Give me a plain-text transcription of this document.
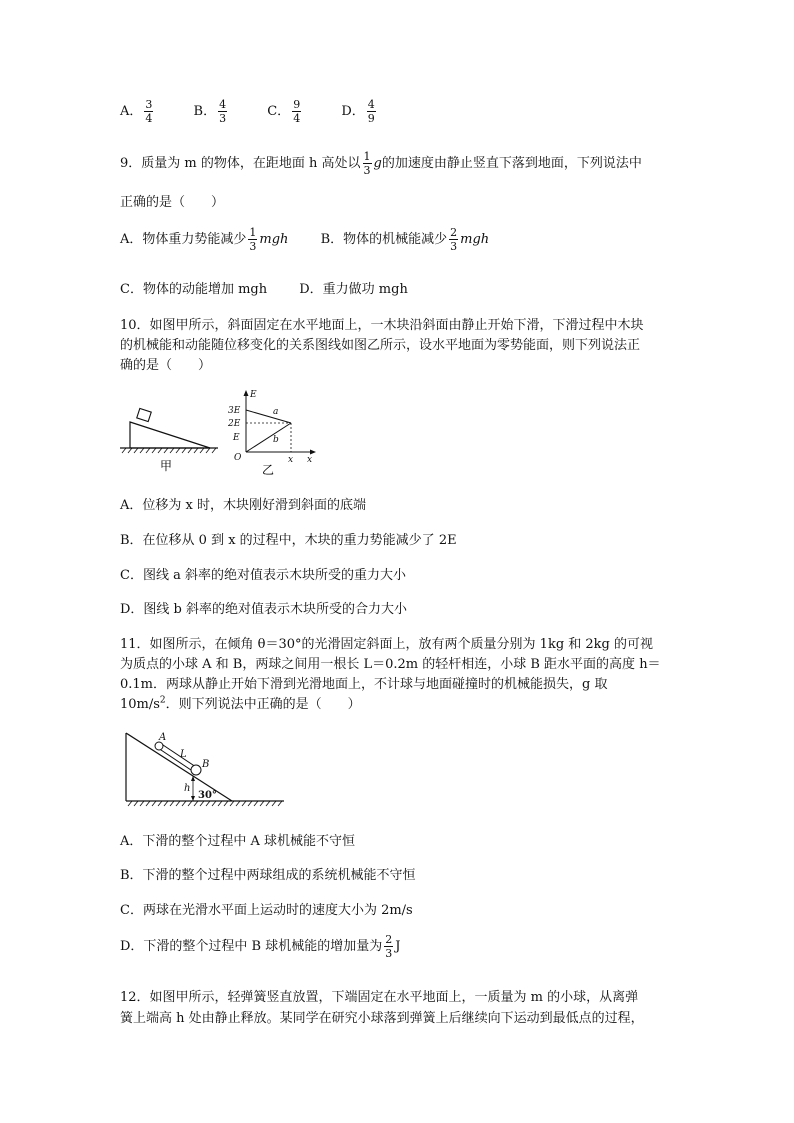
A． $\frac{3}{4}$	B． $\frac{4}{3}$	C． $\frac{9}{4}$	D． $\frac{4}{9}$
9．质量为 m 的物体，在距地面 h 高处以 $\frac{1}{3}$ g的加速度由静止竖直下落到地面，下列说法中
正确的是（　　）
A．物体重力势能减少 $\frac{1}{3}$ mgh B．物体的机械能减少 $\frac{2}{3}$ mgh
C．物体的动能增加 mgh D．重力做功 mgh
10．如图甲所示，斜面固定在水平地面上，一木块沿斜面由静止开始下滑，下滑过程中木块
的机械能和动能随位移变化的关系图线如图乙所示，设水平地面为零势能面，则下列说法正
确的是（　　）
甲
E
3E
2E
E
O	x x
a
b
乙
A．位移为 x 时，木块刚好滑到斜面的底端
B．在位移从 0 到 x 的过程中，木块的重力势能减少了 2E
C．图线 a 斜率的绝对值表示木块所受的重力大小
D．图线 b 斜率的绝对值表示木块所受的合力大小
11．如图所示，在倾角 θ＝30°的光滑固定斜面上，放有两个质量分别为 1kg 和 2kg 的可视
为质点的小球 A 和 B，两球之间用一根长 L＝0.2m 的轻杆相连，小球 B 距水平面的高度 h＝
0.1m．两球从静止开始下滑到光滑地面上，不计球与地面碰撞时的机械能损失，g 取
$10m/s^2$．则下列说法中正确的是（　　）
A
L
B
h
30°
A．下滑的整个过程中 A 球机械能不守恒
B．下滑的整个过程中两球组成的系统机械能不守恒
C．两球在光滑水平面上运动时的速度大小为 2m/s
D．下滑的整个过程中 B 球机械能的增加量为 $\frac{2}{3}$ J
12．如图甲所示，轻弹簧竖直放置，下端固定在水平地面上，一质量为 m 的小球，从离弹
簧上端高 h 处由静止释放。某同学在研究小球落到弹簧上后继续向下运动到最低点的过程，
